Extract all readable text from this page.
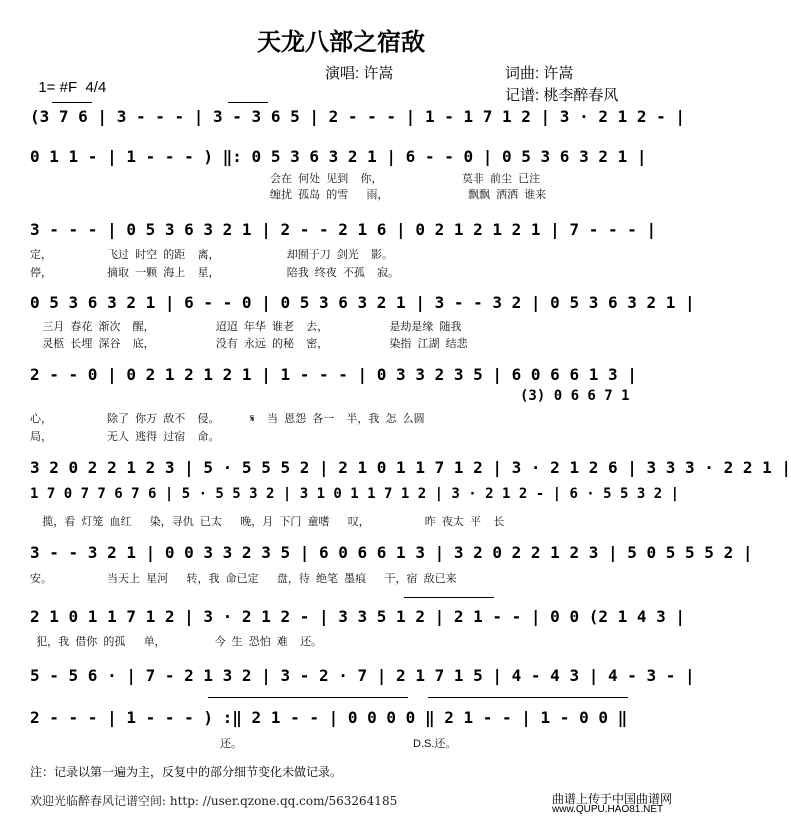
天龙八部之宿敌

1= #F  4/4

演唱: 许嵩	词曲: 许嵩
记谱: 桃李醉春风
(3 7 6 | 3 - - - | 3 - 3 6 5 | 2 - - - | 1 - 1 7 1 2 | 3 · 2 1 2 - |
0 1 1 - | 1 - - - ) ‖: 0 5 3 6 3 2 1 | 6 - - 0 | 0 5 3 6 3 2 1 |
会在  何处  见到    你，                          莫非  前尘  已注
缠扰  孤岛  的雪      雨，                          飘飘  洒洒  谁来
3 - - - | 0 5 3 6 3 2 1 | 2 - - 2 1 6 | 0 2 1 2 1 2 1 | 7 - - - |
定，                  飞过  时空  的距    离，                      却囿于刀  剑光    影。
停，                  摘取  一颗  海上    星，                      陪我  终夜  不孤    寂。
0 5 3 6 3 2 1 | 6 - - 0 | 0 5 3 6 3 2 1 | 3 - - 3 2 | 0 5 3 6 3 2 1 |
三月  春花  渐次    醒，                    迢迢  年华  谁老    去，                    是劫是缘  随我
灵柩  长埋  深谷    底，                    没有  永远  的秘    密，                    染指  江湖  结悲
2 - - 0 | 0 2 1 2 1 2 1 | 1 - - - | 0 3 3 2 3 5 | 6 0 6 6 1 3 |
(3) 0 6 6 7 1
心，                  除了  你万  敌不    侵。          𝄋    当  恩怨  各一    半，我  怎  么圆
局，                  无人  逃得  过宿    命。
3 2 0 2 2 1 2 3 | 5 · 5 5 5 2 | 2 1 0 1 1 7 1 2 | 3 · 2 1 2 6 | 3 3 3 · 2 2 1 |
1 7 0 7 7 6 7 6 | 5 · 5 5 3 2 | 3 1 0 1 1 7 1 2 | 3 · 2 1 2 - | 6 · 5 5 3 2 |
揽，看  灯笼  血红      染，寻仇  已太      晚，月  下门  童嗜      叹，                  昨  夜太  平    长
3 - - 3 2 1 | 0 0 3 3 2 3 5 | 6 0 6 6 1 3 | 3 2 0 2 2 1 2 3 | 5 0 5 5 5 2 |
安。                  当天上  星河      转，我  命已定      盘，待  绝笔  墨痕      干，宿  敌已来
2 1 0 1 1 7 1 2 | 3 · 2 1 2 - | 3 3 5 1 2 | 2 1 - - | 0 0 (2 1 4 3 |
犯，我  借你  的孤      单，                今  生  恐怕  难    还。
5 - 5 6 · | 7 - 2 1 3 2 | 3 - 2 · 7 | 2 1 7 1 5 | 4 - 4 3 | 4 - 3 - |
2 - - - | 1 - - - ) :‖ 2 1 - - | 0 0 0 0 ‖ 2 1 - - | 1 - 0 0 ‖
还。	D.S.还。
注：记录以第一遍为主，反复中的部分细节变化未做记录。
欢迎光临醉春风记谱空间: http: //user.qzone.qq.com/563264185	曲谱上传于中国曲谱网
www.QUPU.HAO81.NET
